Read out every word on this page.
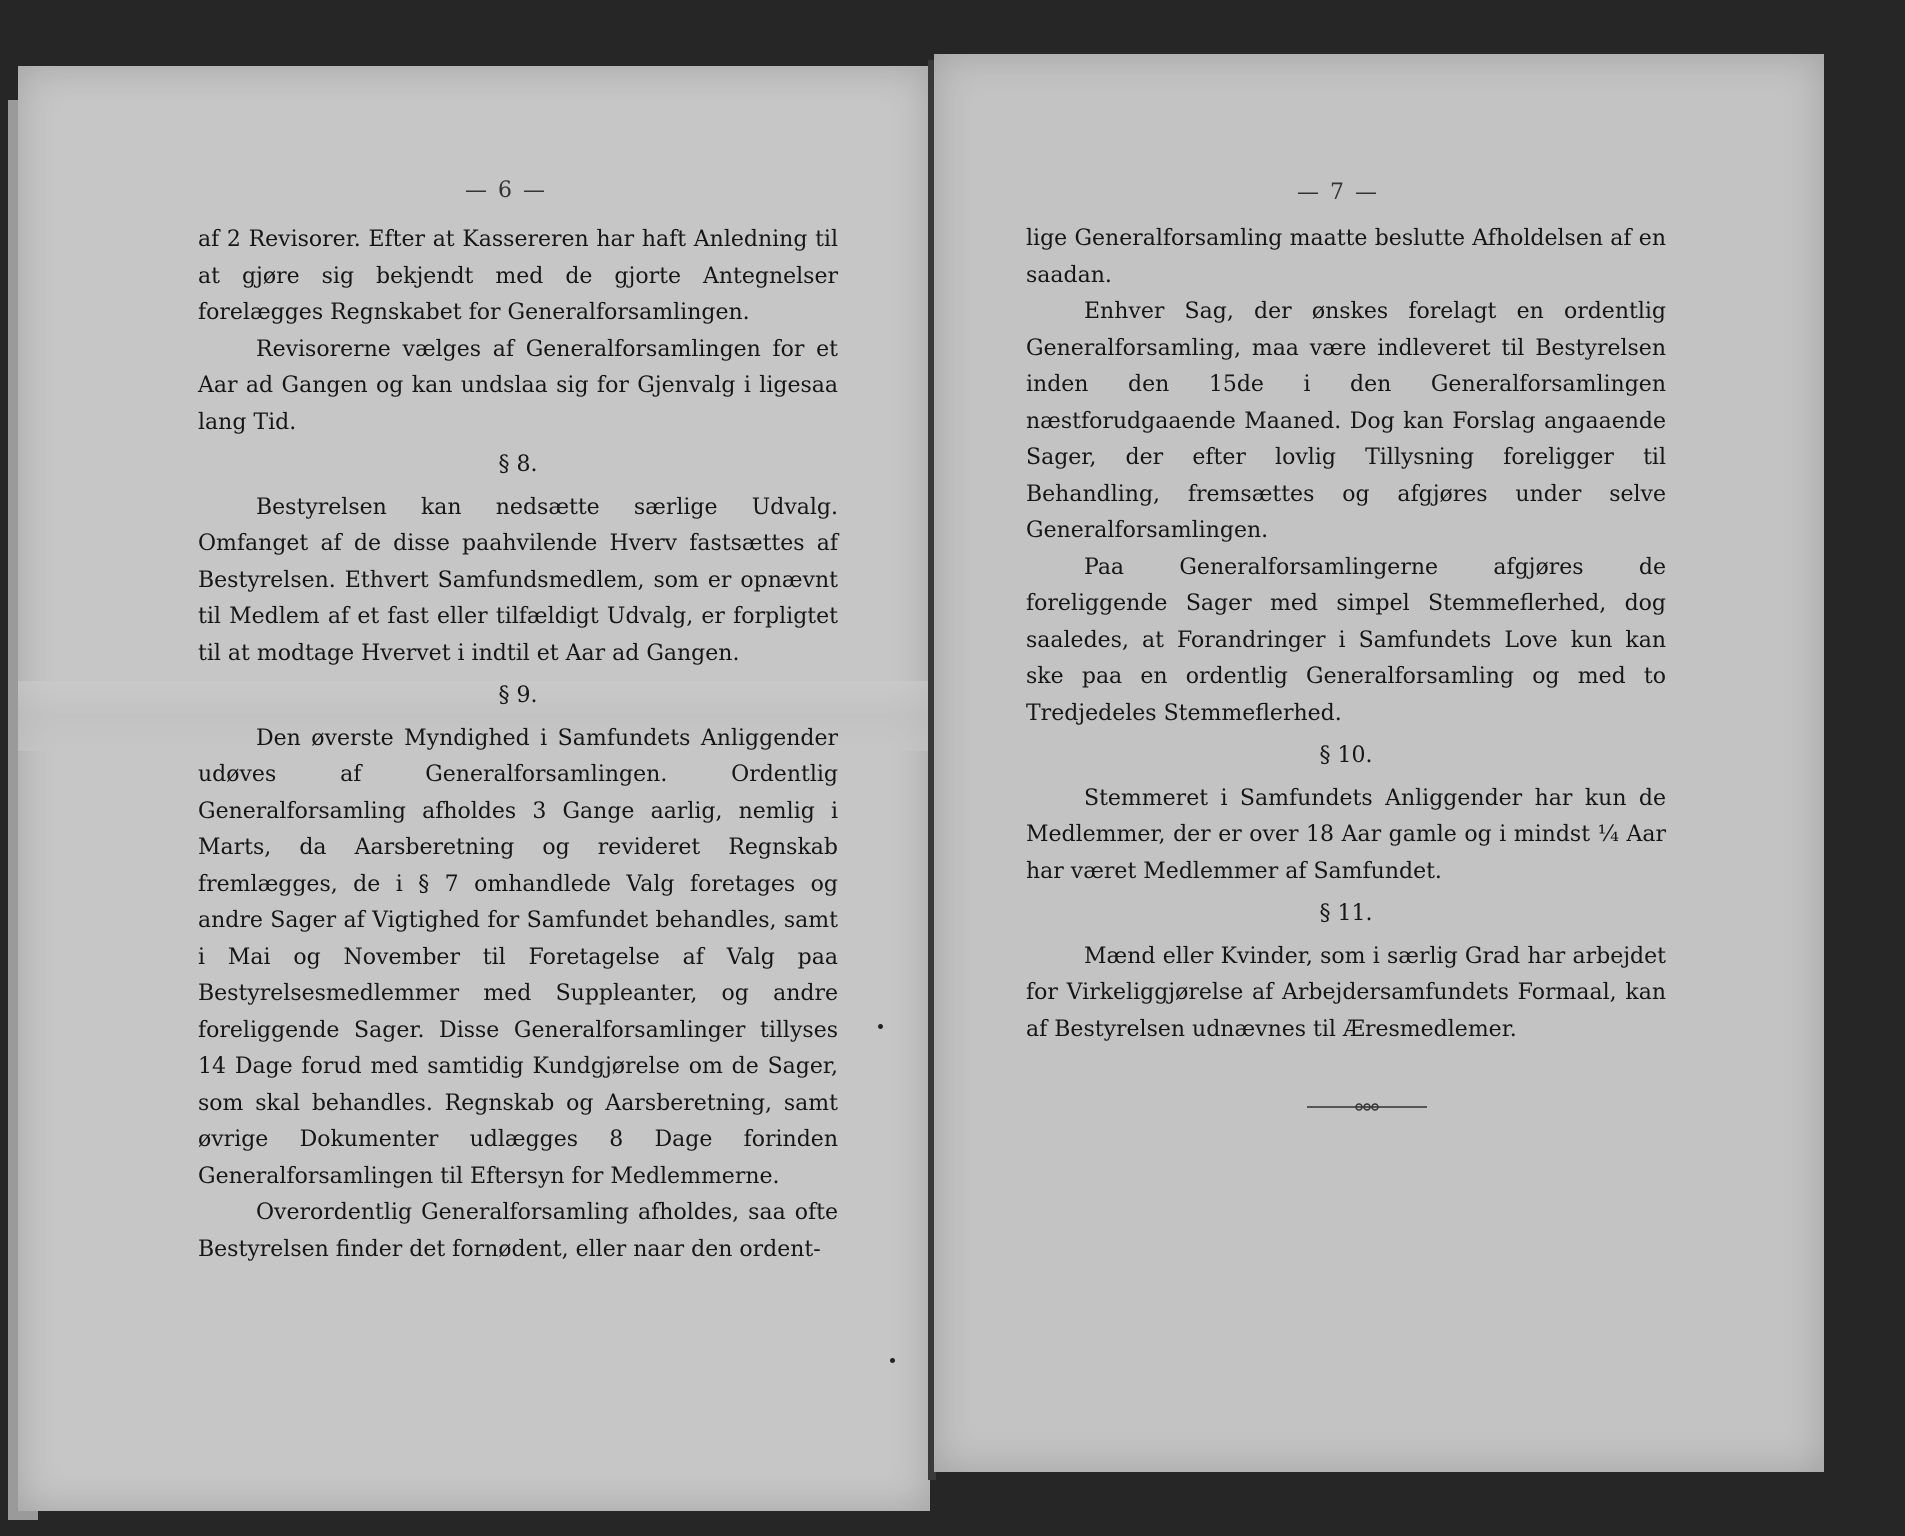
— 6 —

af 2 Revisorer. Efter at Kassereren har haft Anledning til at gjøre sig bekjendt med de gjorte Antegnelser forelægges Regnskabet for Generalforsamlingen.

Revisorerne vælges af Generalforsamlingen for et Aar ad Gangen og kan undslaa sig for Gjenvalg i ligesaa lang Tid.

§ 8.

Bestyrelsen kan nedsætte særlige Udvalg. Omfanget af de disse paahvilende Hverv fastsættes af Bestyrelsen. Ethvert Samfundsmedlem, som er opnævnt til Medlem af et fast eller tilfældigt Udvalg, er forpligtet til at modtage Hvervet i indtil et Aar ad Gangen.

§ 9.

Den øverste Myndighed i Samfundets Anliggender udøves af Generalforsamlingen. Ordentlig Generalforsamling afholdes 3 Gange aarlig, nemlig i Marts, da Aarsberetning og revideret Regnskab fremlægges, de i § 7 omhandlede Valg foretages og andre Sager af Vigtighed for Samfundet behandles, samt i Mai og November til Foretagelse af Valg paa Bestyrelsesmedlemmer med Suppleanter, og andre foreliggende Sager. Disse Generalforsamlinger tillyses 14 Dage forud med samtidig Kundgjørelse om de Sager, som skal behandles. Regnskab og Aarsberetning, samt øvrige Dokumenter udlægges 8 Dage forinden Generalforsamlingen til Eftersyn for Medlemmerne.

Overordentlig Generalforsamling afholdes, saa ofte Bestyrelsen finder det fornødent, eller naar den ordent-

— 7 —

lige Generalforsamling maatte beslutte Afholdelsen af en saadan.

Enhver Sag, der ønskes forelagt en ordentlig Generalforsamling, maa være indleveret til Bestyrelsen inden den 15de i den Generalforsamlingen næstforudgaaende Maaned. Dog kan Forslag angaaende Sager, der efter lovlig Tillysning foreligger til Behandling, fremsættes og afgjøres under selve Generalforsamlingen.

Paa Generalforsamlingerne afgjøres de foreliggende Sager med simpel Stemmeflerhed, dog saaledes, at Forandringer i Samfundets Love kun kan ske paa en ordentlig Generalforsamling og med to Tredjedeles Stemmeflerhed.

§ 10.

Stemmeret i Samfundets Anliggender har kun de Medlemmer, der er over 18 Aar gamle og i mindst ¼ Aar har været Medlemmer af Samfundet.

§ 11.

Mænd eller Kvinder, som i særlig Grad har arbejdet for Virkeliggjørelse af Arbejdersamfundets Formaal, kan af Bestyrelsen udnævnes til Æresmedlemer.
